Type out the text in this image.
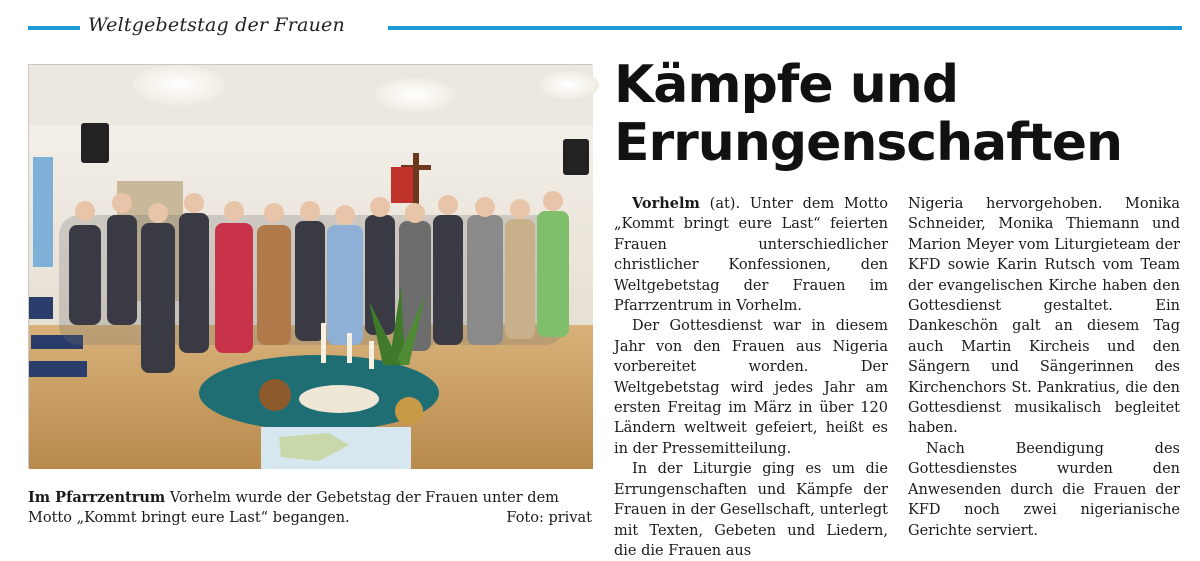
Weltgebetstag der Frauen
Im Pfarrzentrum Vorhelm wurde der Gebetstag der Frauen unter dem
Motto „Kommt bringt eure Last“ begangen.	Foto: privat
Kämpfe und
Errungenschaften

Vorhelm (at). Unter dem Motto „Kommt bringt eure Last“ feierten Frauen unterschiedlicher christlicher Konfessionen, den Weltgebetstag der Frauen im Pfarrzentrum in Vorhelm.

Der Gottesdienst war in diesem Jahr von den Frauen aus Nigeria vorbereitet worden. Der Weltgebetstag wird jedes Jahr am ersten Freitag im März in über 120 Ländern weltweit gefeiert, heißt es in der Pressemitteilung.

In der Liturgie ging es um die Errungenschaften und Kämpfe der Frauen in der Gesellschaft, unterlegt mit Texten, Gebeten und Liedern, die die Frauen aus

Nigeria hervorgehoben. Monika Schneider, Monika Thiemann und Marion Meyer vom Liturgieteam der KFD sowie Karin Rutsch vom Team der evangelischen Kirche haben den Gottesdienst gestaltet. Ein Dankeschön galt an diesem Tag auch Martin Kircheis und den Sängern und Sängerinnen des Kirchenchors St. Pankratius, die den Gottesdienst musikalisch begleitet haben.

Nach Beendigung des Gottesdienstes wurden den Anwesenden durch die Frauen der KFD noch zwei nigerianische Gerichte serviert.
